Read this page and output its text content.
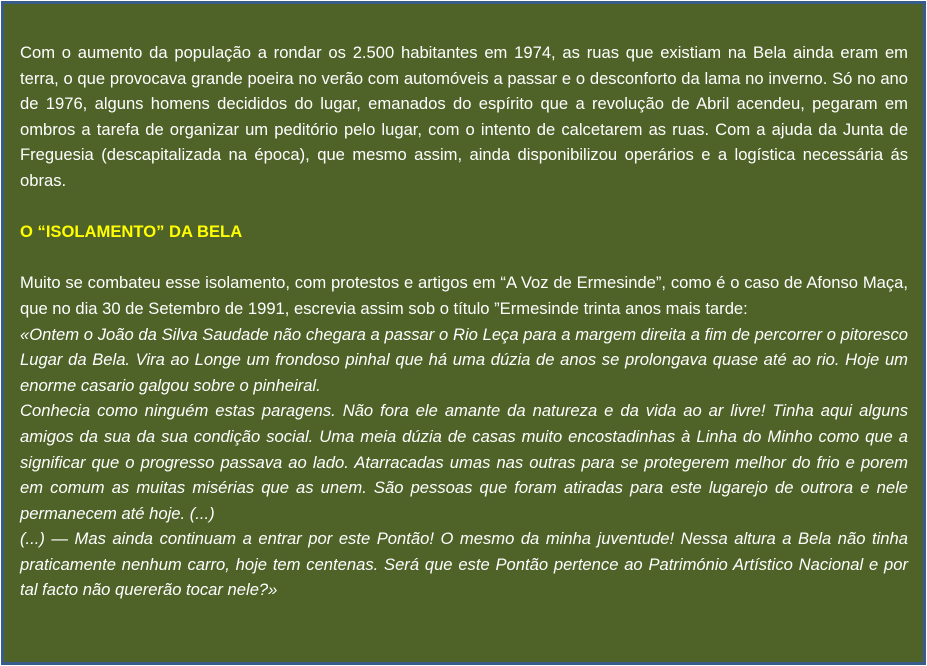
Com o aumento da população a rondar os 2.500 habitantes em 1974, as ruas que existiam na Bela ainda eram em terra, o que provocava grande poeira no verão com automóveis a passar e o desconforto da lama no inverno. Só no ano de 1976, alguns homens decididos do lugar, emanados do espírito que a revolução de Abril acendeu, pegaram em ombros a tarefa de organizar um peditório pelo lugar, com o intento de calcetarem as ruas. Com a ajuda da Junta de Freguesia (descapitalizada na época), que mesmo assim, ainda disponibilizou operários e a logística necessária ás obras.

O “ISOLAMENTO” DA BELA

Muito se combateu esse isolamento, com protestos e artigos em “A Voz de Ermesinde”, como é o caso de Afonso Maça, que no dia 30 de Setembro de 1991, escrevia assim sob o título ”Ermesinde trinta anos mais tarde:

«Ontem o João da Silva Saudade não chegara a passar o Rio Leça para a margem direita a fim de percorrer o pitoresco Lugar da Bela. Vira ao Longe um frondoso pinhal que há uma dúzia de anos se prolongava quase até ao rio. Hoje um enorme casario galgou sobre o pinheiral.

Conhecia como ninguém estas paragens. Não fora ele amante da natureza e da vida ao ar livre! Tinha aqui alguns amigos da sua da sua condição social. Uma meia dúzia de casas muito encostadinhas à Linha do Minho como que a significar que o progresso passava ao lado. Atarracadas umas nas outras para se protegerem melhor do frio e porem em comum as muitas misérias que as unem. São pessoas que foram atiradas para este lugarejo de outrora e nele permanecem até hoje. (...)

(...) — Mas ainda continuam a entrar por este Pontão! O mesmo da minha juventude! Nessa altura a Bela não tinha praticamente nenhum carro, hoje tem centenas. Será que este Pontão pertence ao Património Artístico Nacional e por tal facto não quererão tocar nele?»
